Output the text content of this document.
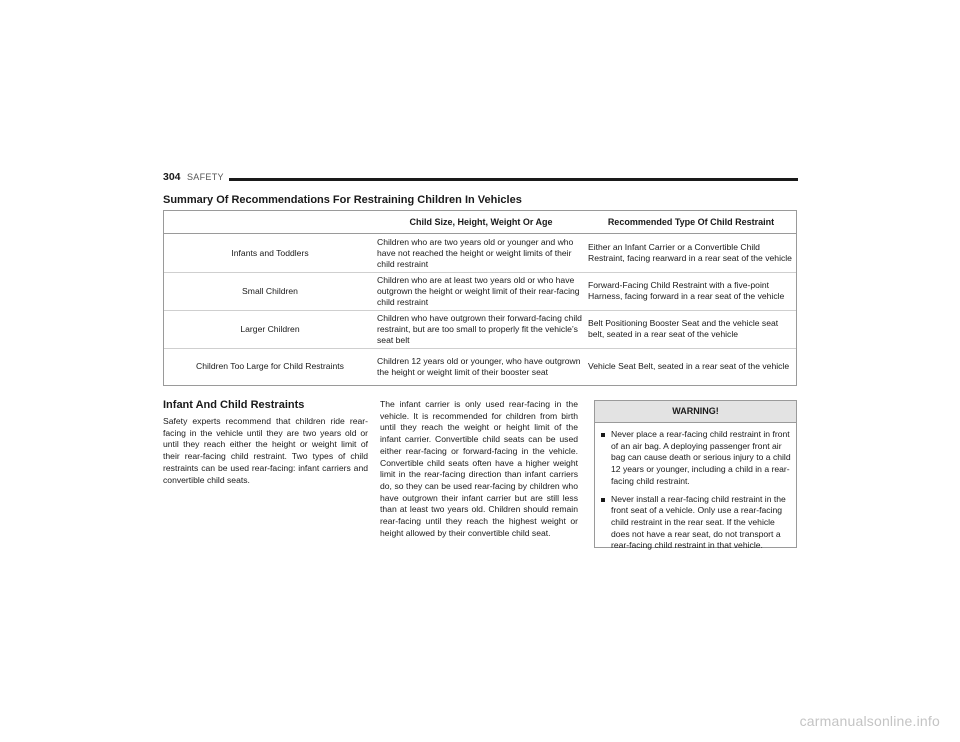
304 SAFETY
Summary Of Recommendations For Restraining Children In Vehicles
Child Size, Height, Weight Or Age	Recommended Type Of Child Restraint
Infants and Toddlers
Children who are two years old or younger and who have not reached the height or weight limits of their child restraint
Either an Infant Carrier or a Convertible Child Restraint, facing rearward in a rear seat of the vehicle
Small Children
Children who are at least two years old or who have outgrown the height or weight limit of their rear-facing child restraint
Forward-Facing Child Restraint with a five-point Harness, facing forward in a rear seat of the vehicle
Larger Children
Children who have outgrown their forward-facing child restraint, but are too small to properly fit the vehicle’s seat belt
Belt Positioning Booster Seat and the vehicle seat belt, seated in a rear seat of the vehicle
Children Too Large for Child Restraints
Children 12 years old or younger, who have outgrown the height or weight limit of their booster seat
Vehicle Seat Belt, seated in a rear seat of the vehicle
Infant And Child Restraints
Safety experts recommend that children ride rear-facing in the vehicle until they are two years old or until they reach either the height or weight limit of their rear-facing child restraint. Two types of child restraints can be used rear-facing: infant carriers and convertible child seats.
The infant carrier is only used rear-facing in the vehicle. It is recommended for children from birth until they reach the weight or height limit of the infant carrier. Convertible child seats can be used either rear-facing or forward-facing in the vehicle. Convertible child seats often have a higher weight limit in the rear-facing direction than infant carriers do, so they can be used rear-facing by children who have outgrown their infant carrier but are still less than at least two years old. Children should remain rear-facing until they reach the highest weight or height allowed by their convertible child seat.
WARNING!
Never place a rear-facing child restraint in front of an air bag. A deploying passenger front air bag can cause death or serious injury to a child 12 years or younger, including a child in a rear-facing child restraint.
Never install a rear-facing child restraint in the front seat of a vehicle. Only use a rear-facing child restraint in the rear seat. If the vehicle does not have a rear seat, do not transport a rear-facing child restraint in that vehicle.
carmanualsonline.info
